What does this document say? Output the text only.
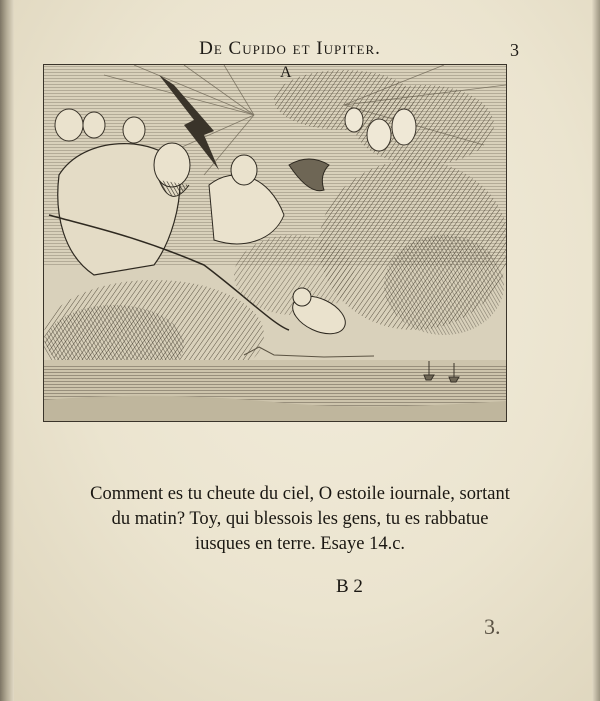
De Cupido et Iupiter.	3
A
Comment es tu cheute du ciel, O estoile iournale, sortant
du matin? Toy, qui blessois les gens, tu es rabbatue
iusques en terre. Esaye 14.c.
B 2
3.
